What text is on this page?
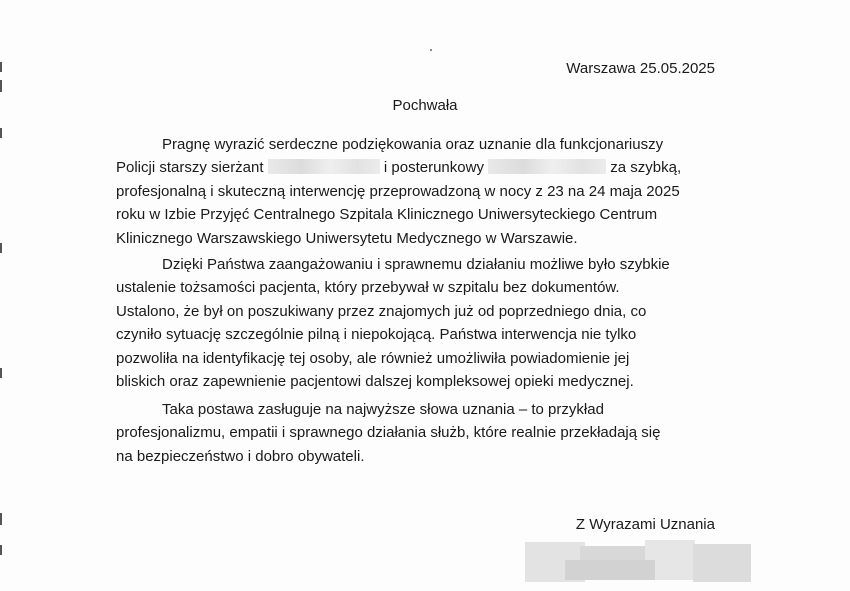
Warszawa 25.05.2025
Pochwała
Pragnę wyrazić serdeczne podziękowania oraz uznanie dla funkcjonariuszy
Policji starszy sierżant	i posterunkowy	za szybką,
profesjonalną i skuteczną interwencję przeprowadzoną w nocy z 23 na 24 maja 2025
roku w Izbie Przyjęć Centralnego Szpitala Klinicznego Uniwersyteckiego Centrum
Klinicznego Warszawskiego Uniwersytetu Medycznego w Warszawie.
Dzięki Państwa zaangażowaniu i sprawnemu działaniu możliwe było szybkie
ustalenie tożsamości pacjenta, który przebywał w szpitalu bez dokumentów.
Ustalono, że był on poszukiwany przez znajomych już od poprzedniego dnia, co
czyniło sytuację szczególnie pilną i niepokojącą. Państwa interwencja nie tylko
pozwoliła na identyfikację tej osoby, ale również umożliwiła powiadomienie jej
bliskich oraz zapewnienie pacjentowi dalszej kompleksowej opieki medycznej.
Taka postawa zasługuje na najwyższe słowa uznania – to przykład
profesjonalizmu, empatii i sprawnego działania służb, które realnie przekładają się
na bezpieczeństwo i dobro obywateli.
Z Wyrazami Uznania
